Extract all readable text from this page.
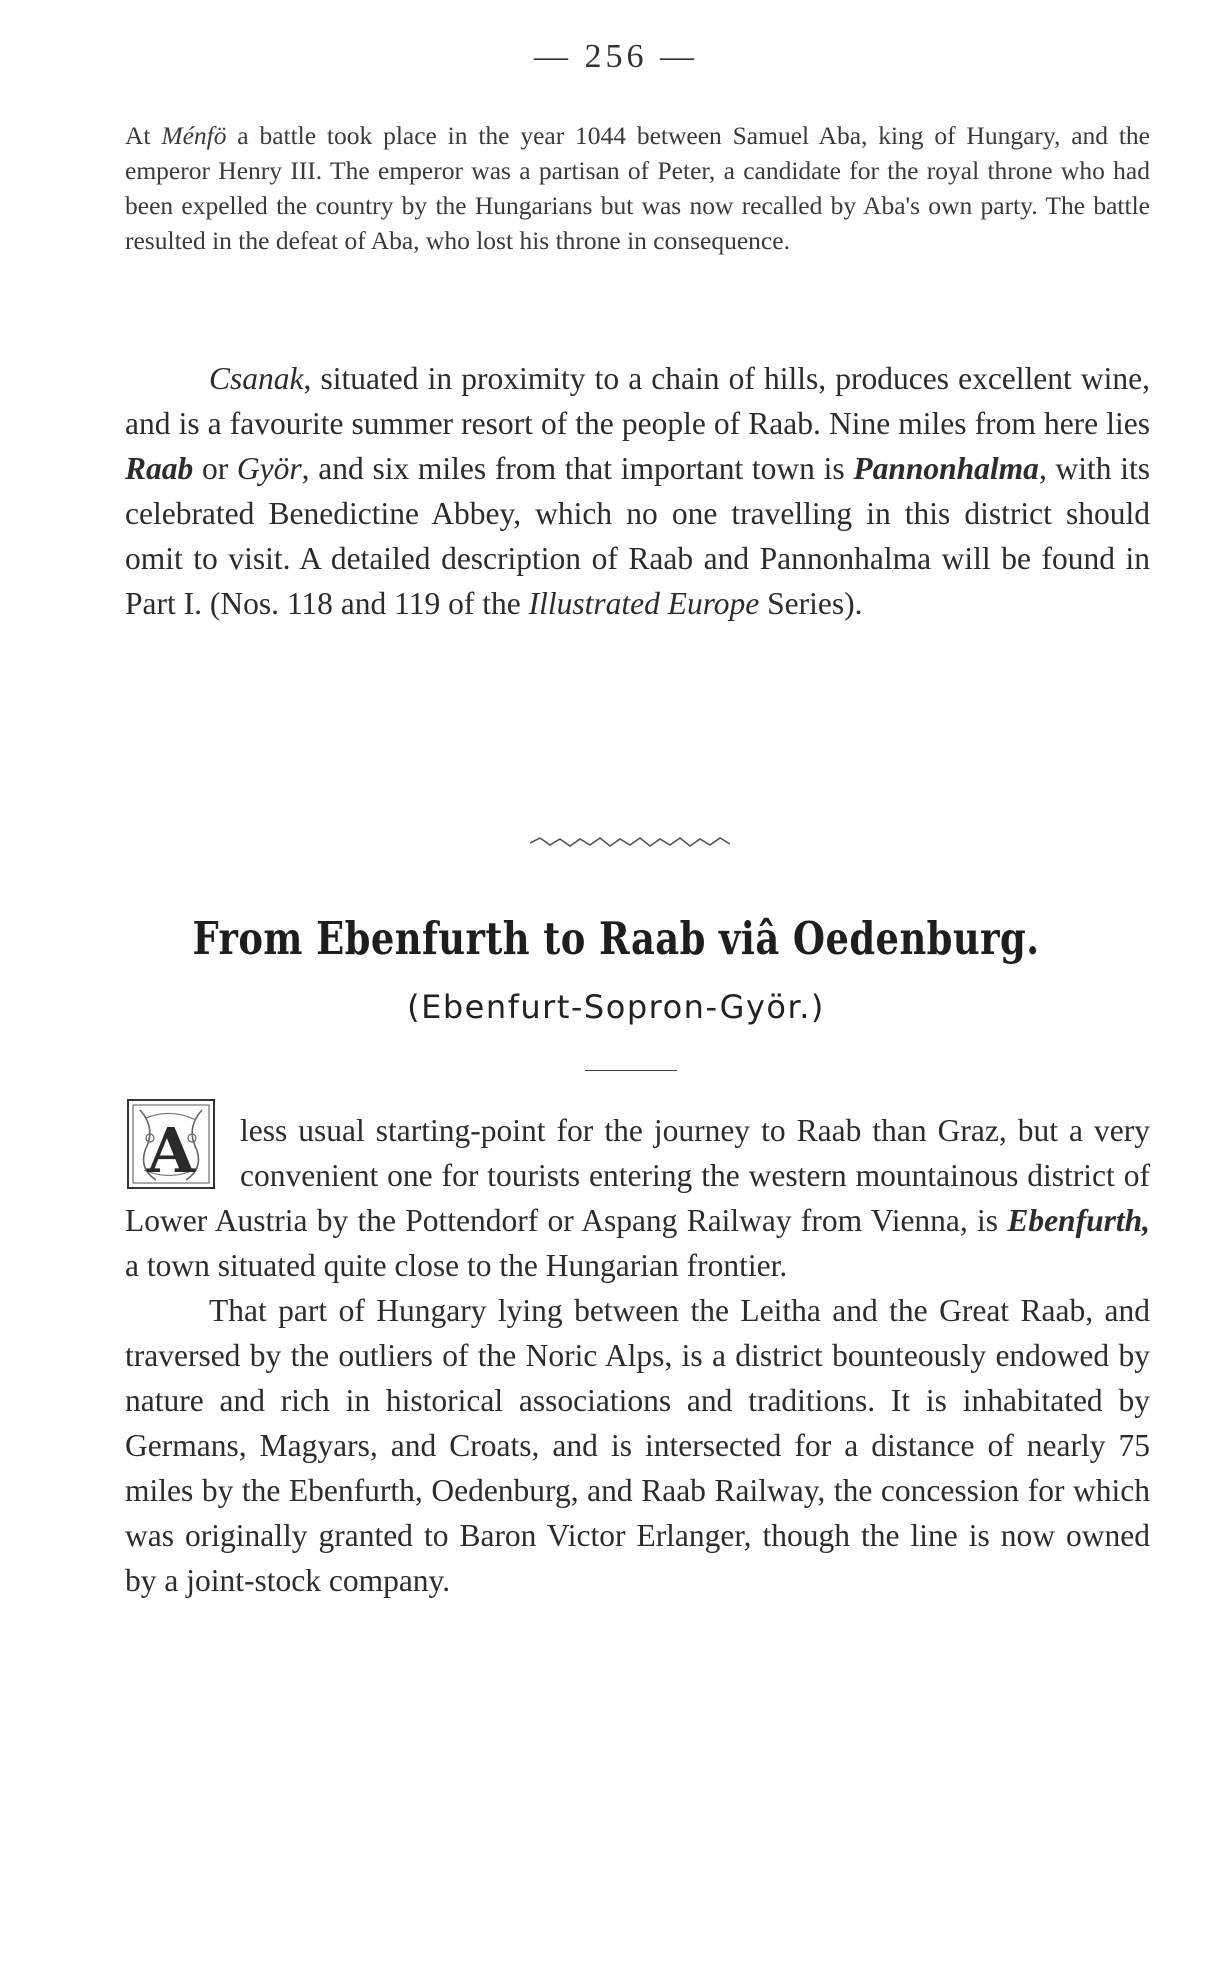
— 256 —
At Ménfö a battle took place in the year 1044 between Samuel Aba, king of Hungary, and the emperor Henry III. The emperor was a partisan of Peter, a candidate for the royal throne who had been expelled the country by the Hungarians but was now recalled by Aba's own party. The battle resulted in the defeat of Aba, who lost his throne in consequence.
Csanak, situated in proximity to a chain of hills, produces excellent wine, and is a favourite summer resort of the people of Raab. Nine miles from here lies Raab or Györ, and six miles from that important town is Pannonhalma, with its celebrated Benedictine Abbey, which no one travelling in this district should omit to visit. A detailed description of Raab and Pannonhalma will be found in Part I. (Nos. 118 and 119 of the Illustrated Europe Series).
From Ebenfurth to Raab viâ Oedenburg.
(Ebenfurt-Sopron-Györ.)
A	less usual starting-point for the journey to Raab than Graz, but a very convenient one for tourists entering the western mountainous district of Lower Austria by the Pottendorf or Aspang Railway from Vienna, is Ebenfurth, a town situated quite close to the Hungarian frontier.

That part of Hungary lying between the Leitha and the Great Raab, and traversed by the outliers of the Noric Alps, is a district bounteously endowed by nature and rich in historical associations and traditions. It is inhabitated by Germans, Magyars, and Croats, and is intersected for a distance of nearly 75 miles by the Ebenfurth, Oedenburg, and Raab Railway, the concession for which was originally granted to Baron Victor Erlanger, though the line is now owned by a joint-stock company.
